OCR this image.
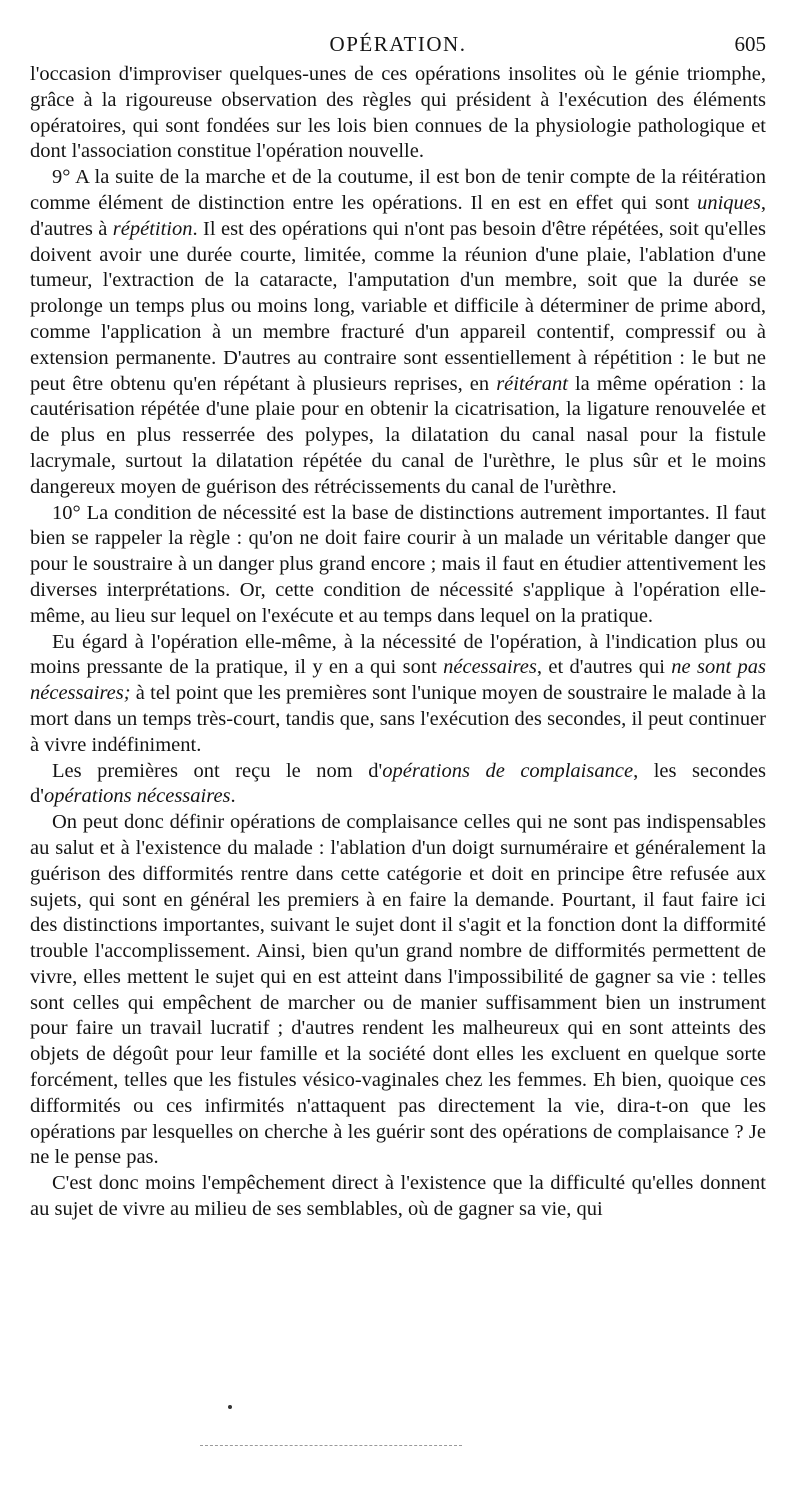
OPÉRATION.	605

l'occasion d'improviser quelques-unes de ces opérations insolites où le génie triomphe, grâce à la rigoureuse observation des règles qui président à l'exécution des éléments opératoires, qui sont fondées sur les lois bien connues de la physiologie pathologique et dont l'association constitue l'opération nouvelle.

9° A la suite de la marche et de la coutume, il est bon de tenir compte de la réitération comme élément de distinction entre les opérations. Il en est en effet qui sont uniques, d'autres à répétition. Il est des opérations qui n'ont pas besoin d'être répétées, soit qu'elles doivent avoir une durée courte, limitée, comme la réunion d'une plaie, l'ablation d'une tumeur, l'extraction de la cataracte, l'amputation d'un membre, soit que la durée se prolonge un temps plus ou moins long, variable et difficile à déterminer de prime abord, comme l'application à un membre fracturé d'un appareil contentif, compressif ou à extension permanente. D'autres au contraire sont essentiellement à répétition : le but ne peut être obtenu qu'en répétant à plusieurs reprises, en réitérant la même opération : la cautérisation répétée d'une plaie pour en obtenir la cicatrisation, la ligature renouvelée et de plus en plus resserrée des polypes, la dilatation du canal nasal pour la fistule lacrymale, surtout la dilatation répétée du canal de l'urèthre, le plus sûr et le moins dangereux moyen de guérison des rétrécissements du canal de l'urèthre.

10° La condition de nécessité est la base de distinctions autrement importantes. Il faut bien se rappeler la règle : qu'on ne doit faire courir à un malade un véritable danger que pour le soustraire à un danger plus grand encore ; mais il faut en étudier attentivement les diverses interprétations. Or, cette condition de nécessité s'applique à l'opération elle-même, au lieu sur lequel on l'exécute et au temps dans lequel on la pratique.

Eu égard à l'opération elle-même, à la nécessité de l'opération, à l'indication plus ou moins pressante de la pratique, il y en a qui sont nécessaires, et d'autres qui ne sont pas nécessaires; à tel point que les premières sont l'unique moyen de soustraire le malade à la mort dans un temps très-court, tandis que, sans l'exécution des secondes, il peut continuer à vivre indéfiniment.

Les premières ont reçu le nom d'opérations de complaisance, les secondes d'opérations nécessaires.

On peut donc définir opérations de complaisance celles qui ne sont pas indispensables au salut et à l'existence du malade : l'ablation d'un doigt surnuméraire et généralement la guérison des difformités rentre dans cette catégorie et doit en principe être refusée aux sujets, qui sont en général les premiers à en faire la demande. Pourtant, il faut faire ici des distinctions importantes, suivant le sujet dont il s'agit et la fonction dont la difformité trouble l'accomplissement. Ainsi, bien qu'un grand nombre de difformités permettent de vivre, elles mettent le sujet qui en est atteint dans l'impossibilité de gagner sa vie : telles sont celles qui empêchent de marcher ou de manier suffisamment bien un instrument pour faire un travail lucratif ; d'autres rendent les malheureux qui en sont atteints des objets de dégoût pour leur famille et la société dont elles les excluent en quelque sorte forcément, telles que les fistules vésico-vaginales chez les femmes. Eh bien, quoique ces difformités ou ces infirmités n'attaquent pas directement la vie, dira-t-on que les opérations par lesquelles on cherche à les guérir sont des opérations de complaisance ? Je ne le pense pas.

C'est donc moins l'empêchement direct à l'existence que la difficulté qu'elles donnent au sujet de vivre au milieu de ses semblables, où de gagner sa vie, qui
